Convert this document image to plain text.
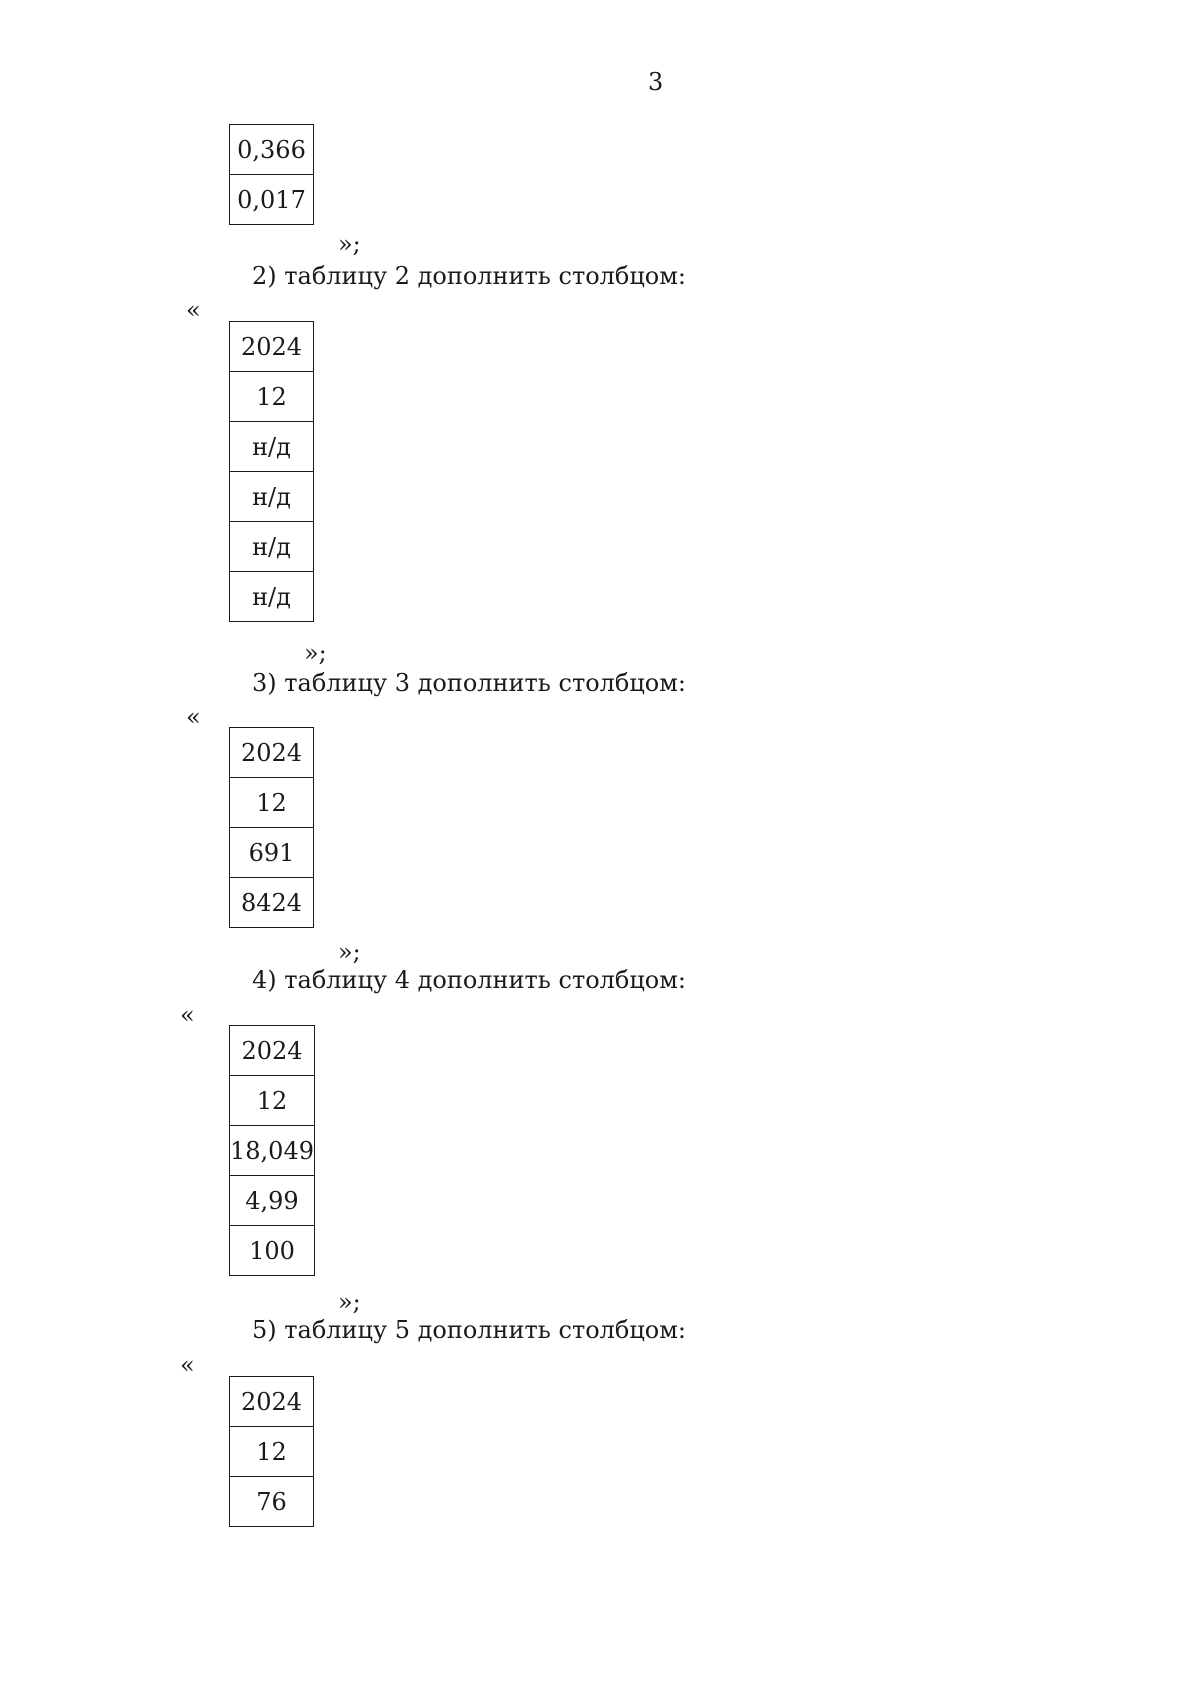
3
0,366
0,017
»;
2) таблицу 2 дополнить столбцом:
«
2024
12
н/д
н/д
н/д
н/д
»;
3) таблицу 3 дополнить столбцом:
«
2024
12
691
8424
»;
4) таблицу 4 дополнить столбцом:
«
2024
12
18,049
4,99
100
»;
5) таблицу 5 дополнить столбцом:
«
2024
12
76
